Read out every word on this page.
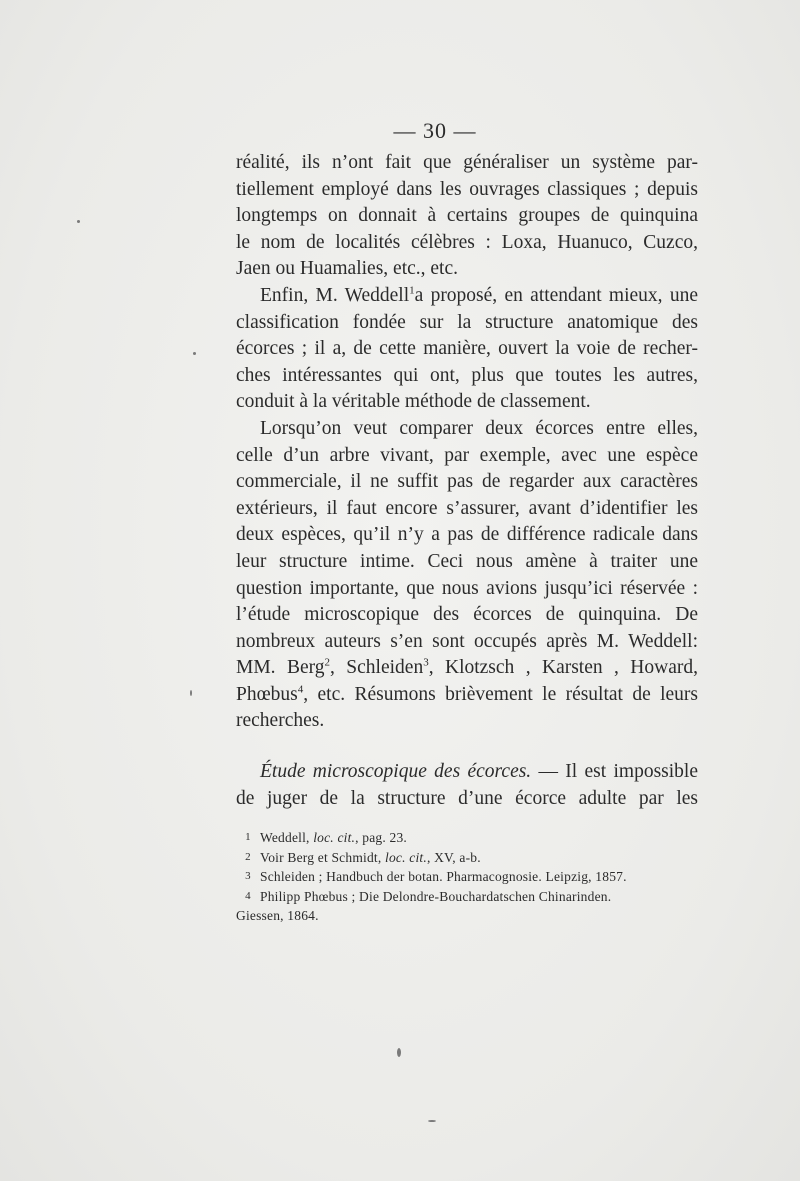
— 30 —
réalité, ils n’ont fait que généraliser un système par-
tiellement employé dans les ouvrages classiques ; depuis
longtemps on donnait à certains groupes de quinquina
le nom de localités célèbres : Loxa, Huanuco, Cuzco,
Jaen ou Huamalies, etc., etc.
Enfin, M. Weddell$^1$a proposé, en attendant mieux, une
classification fondée sur la structure anatomique des
écorces ; il a, de cette manière, ouvert la voie de recher-
ches intéressantes qui ont, plus que toutes les autres,
conduit à la véritable méthode de classement.
Lorsqu’on veut comparer deux écorces entre elles,
celle d’un arbre vivant, par exemple, avec une espèce
commerciale, il ne suffit pas de regarder aux caractères
extérieurs, il faut encore s’assurer, avant d’identifier les
deux espèces, qu’il n’y a pas de différence radicale dans
leur structure intime. Ceci nous amène à traiter une
question importante, que nous avions jusqu’ici réservée :
l’étude microscopique des écorces de quinquina. De
nombreux auteurs s’en sont occupés après M. Weddell:
MM. Berg$^2$, Schleiden$^3$, Klotzsch , Karsten , Howard,
Phœbus$^4$, etc. Résumons brièvement le résultat de leurs
recherches.
Étude microscopique des écorces. — Il est impossible
de juger de la structure d’une écorce adulte par les
1 Weddell, loc. cit., pag. 23.
2 Voir Berg et Schmidt, loc. cit., XV, a-b.
3 Schleiden ; Handbuch der botan. Pharmacognosie. Leipzig, 1857.
4 Philipp Phœbus ; Die Delondre-Bouchardatschen Chinarinden.
Giessen, 1864.
